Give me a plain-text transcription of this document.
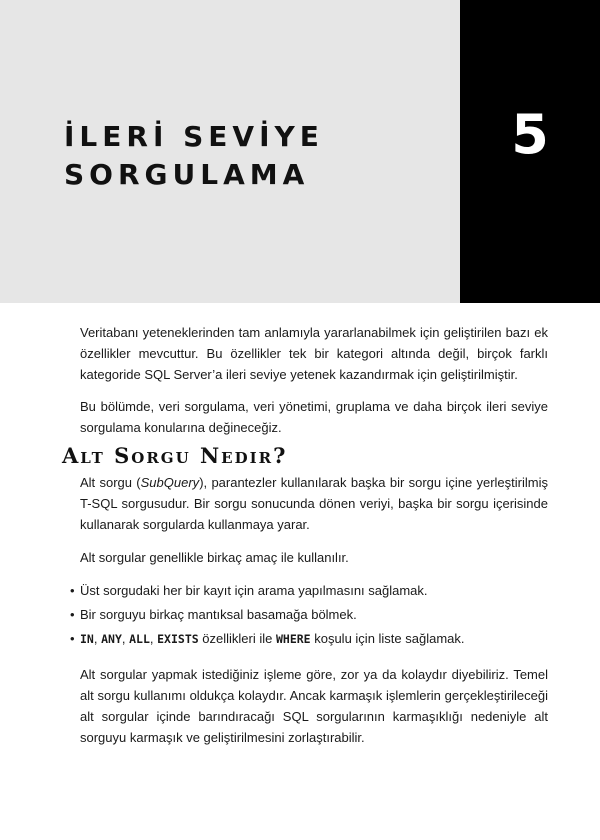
İLERİ SEVİYE
SORGULAMA
5

Veritabanı yeteneklerinden tam anlamıyla yararlanabilmek için geliştirilen bazı ek özellikler mevcuttur. Bu özellikler tek bir kategori altında değil, birçok farklı kategoride SQL Server’a ileri seviye yetenek kazandırmak için geliştirilmiştir.

Bu bölümde, veri sorgulama, veri yönetimi, gruplama ve daha birçok ileri seviye sorgulama konularına değineceğiz.

Alt Sorgu Nedir?

Alt sorgu (SubQuery), parantezler kullanılarak başka bir sorgu içine yerleştirilmiş T-SQL sorgusudur. Bir sorgu sonucunda dönen veriyi, başka bir sorgu içerisinde kullanarak sorgularda kullanmaya yarar.

Alt sorgular genellikle birkaç amaç ile kullanılır.

• Üst sorgudaki her bir kayıt için arama yapılmasını sağlamak.
• Bir sorguyu birkaç mantıksal basamağa bölmek.
• IN, ANY, ALL, EXISTS özellikleri ile WHERE koşulu için liste sağlamak.

Alt sorgular yapmak istediğiniz işleme göre, zor ya da kolaydır diyebiliriz. Temel alt sorgu kullanımı oldukça kolaydır. Ancak karmaşık işlemlerin gerçekleştirileceği alt sorgular içinde barındıracağı SQL sorgularının karmaşıklığı nedeniyle alt sorguyu karmaşık ve geliştirilmesini zorlaştırabilir.
